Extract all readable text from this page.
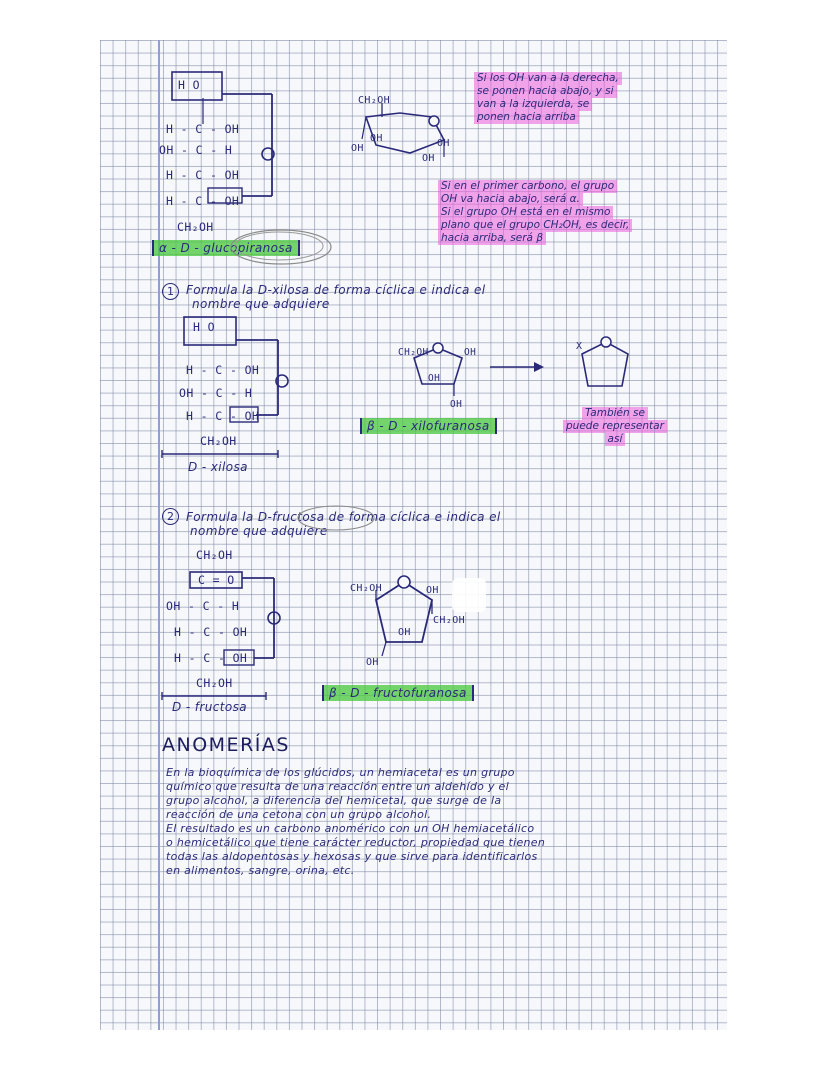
H O
H - C - OH
OH - C - H
H - C - OH
H - C - OH
CH₂OH
CH₂OH
OH
OH	OH
OH
α - D - glucopiranosa
Si los OH van a la derecha,
se ponen hacia abajo, y si
van a la izquierda, se
ponen hacia arriba
Si en el primer carbono, el grupo
OH va hacia abajo, será α.
Si el grupo OH está en el mismo
plano que el grupo CH₂OH, es decir,
hacia arriba, será β
1	Formula la D-xilosa de forma cíclica e indica el
nombre que adquiere
H O
H - C - OH
OH - C - H
H - C - OH
CH₂OH
D - xilosa
CH₂OH	OH
OH
OH
X
β - D - xilofuranosa
También se
puede representar
así
2	Formula la D-fructosa de forma cíclica e indica el
nombre que adquiere
CH₂OH
C = O
OH - C - H
H - C - OH
H - C - OH
CH₂OH
D - fructosa
CH₂OH	OH
CH₂OH
OH
OH
β - D - fructofuranosa
ANOMERÍAS
En la bioquímica de los glúcidos, un hemiacetal es un grupo
químico que resulta de una reacción entre un aldehído y el
grupo alcohol, a diferencia del hemicetal, que surge de la
reacción de una cetona con un grupo alcohol.
El resultado es un carbono anomérico con un OH hemiacetálico
o hemicetálico que tiene carácter reductor, propiedad que tienen
todas las aldopentosas y hexosas y que sirve para identificarlos
en alimentos, sangre, orina, etc.
